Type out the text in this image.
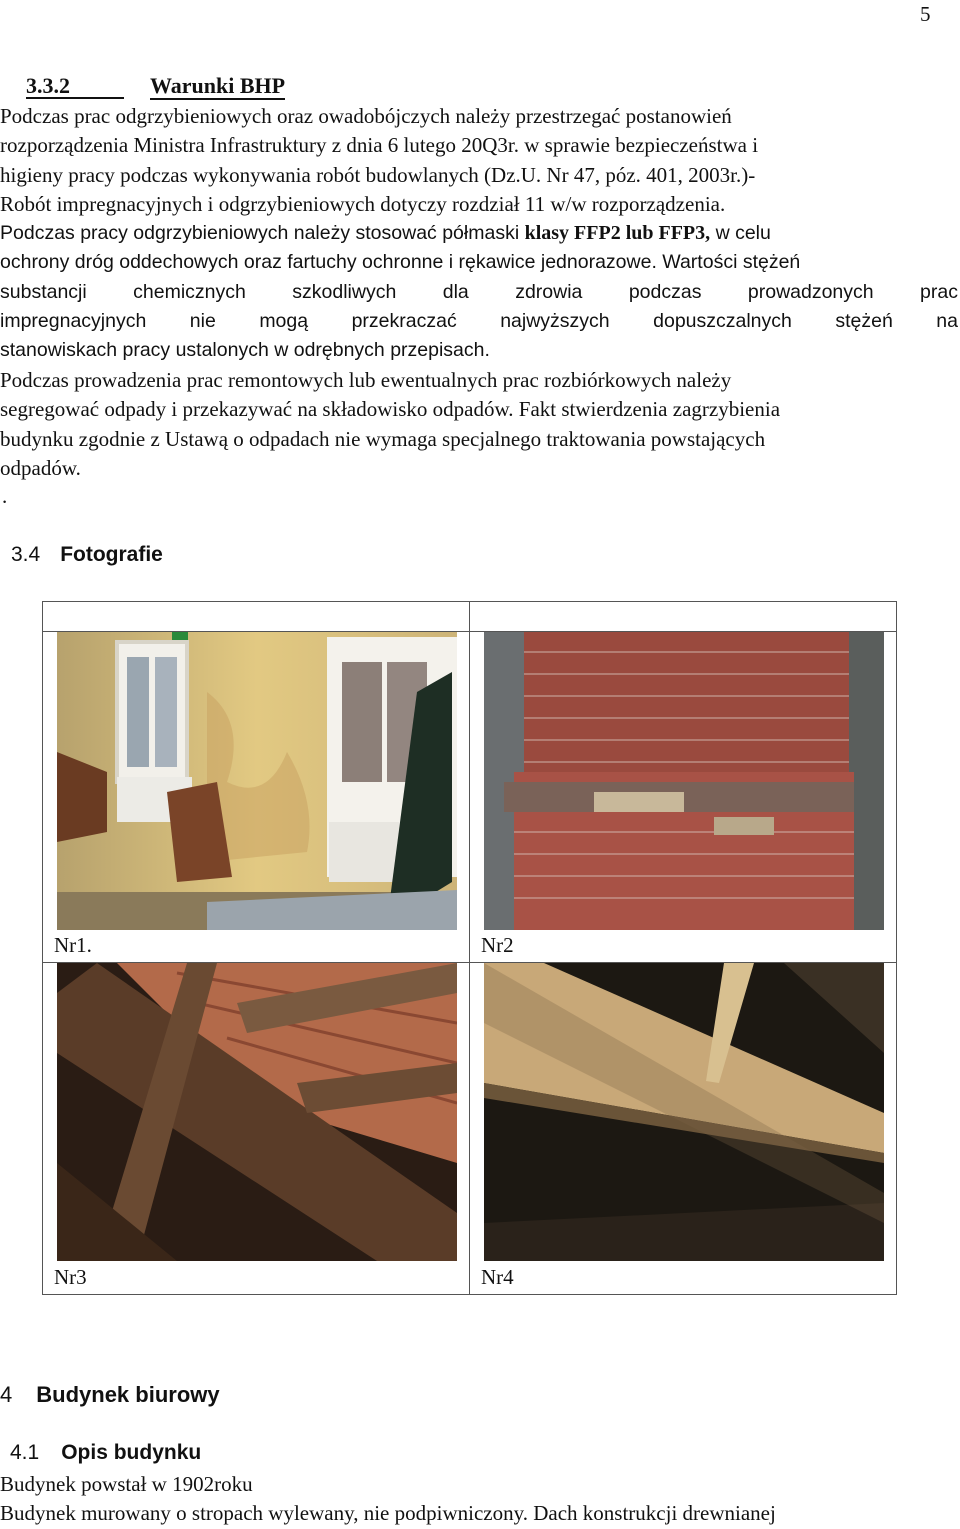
5
3.3.2	Warunki BHP
Podczas prac odgrzybieniowych oraz owadobójczych należy przestrzegać postanowień
rozporządzenia Ministra Infrastruktury z dnia 6 lutego 20Q3r. w sprawie bezpieczeństwa i
higieny pracy podczas wykonywania robót budowlanych (Dz.U. Nr 47, póz. 401, 2003r.)-
Robót impregnacyjnych i odgrzybieniowych dotyczy rozdział 11 w/w rozporządzenia.
Podczas pracy odgrzybieniowych należy stosować półmaski klasy FFP2 lub FFP3, w celu
ochrony dróg oddechowych oraz fartuchy ochronne i rękawice jednorazowe. Wartości stężeń
substancji chemicznych szkodliwych dla zdrowia podczas prowadzonych prac
impregnacyjnych nie mogą przekraczać najwyższych dopuszczalnych stężeń na
stanowiskach pracy ustalonych w odrębnych przepisach.
Podczas prowadzenia prac remontowych lub ewentualnych prac rozbiórkowych należy
segregować odpady i przekazywać na składowisko odpadów. Fakt stwierdzenia zagrzybienia
budynku zgodnie z Ustawą o odpadach nie wymaga specjalnego traktowania powstających
odpadów.
.
3.4 Fotografie
Nr1.	Nr2
Nr3	Nr4
4 Budynek biurowy
4.1 Opis budynku
Budynek powstał w 1902roku
Budynek murowany o stropach wylewany, nie podpiwniczony. Dach konstrukcji drewnianej
